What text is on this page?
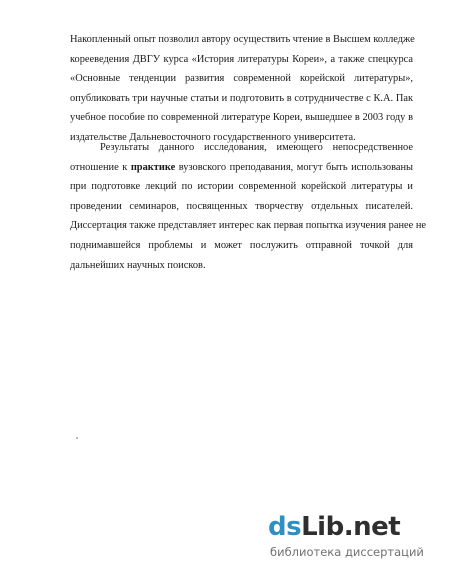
Накопленный опыт позволил автору осуществить чтение в Высшем колледже
корееведения ДВГУ курса «История литературы Кореи», а также спецкурса
«Основные тенденции развития современной корейской литературы»,
опубликовать три научные статьи и подготовить в сотрудничестве с К.А. Пак
учебное пособие по современной литературе Кореи, вышедшее в 2003 году в
издательстве Дальневосточного государственного университета.
Результаты данного исследования, имеющего непосредственное
отношение к практике вузовского преподавания, могут быть использованы
при подготовке лекций по истории современной корейской литературы и
проведении семинаров, посвященных творчеству отдельных писателей.
Диссертация также представляет интерес как первая попытка изучения ранее не
поднимавшейся проблемы и может послужить отправной точкой для
дальнейших научных поисков.
dsLib.net
библиотека диссертаций
